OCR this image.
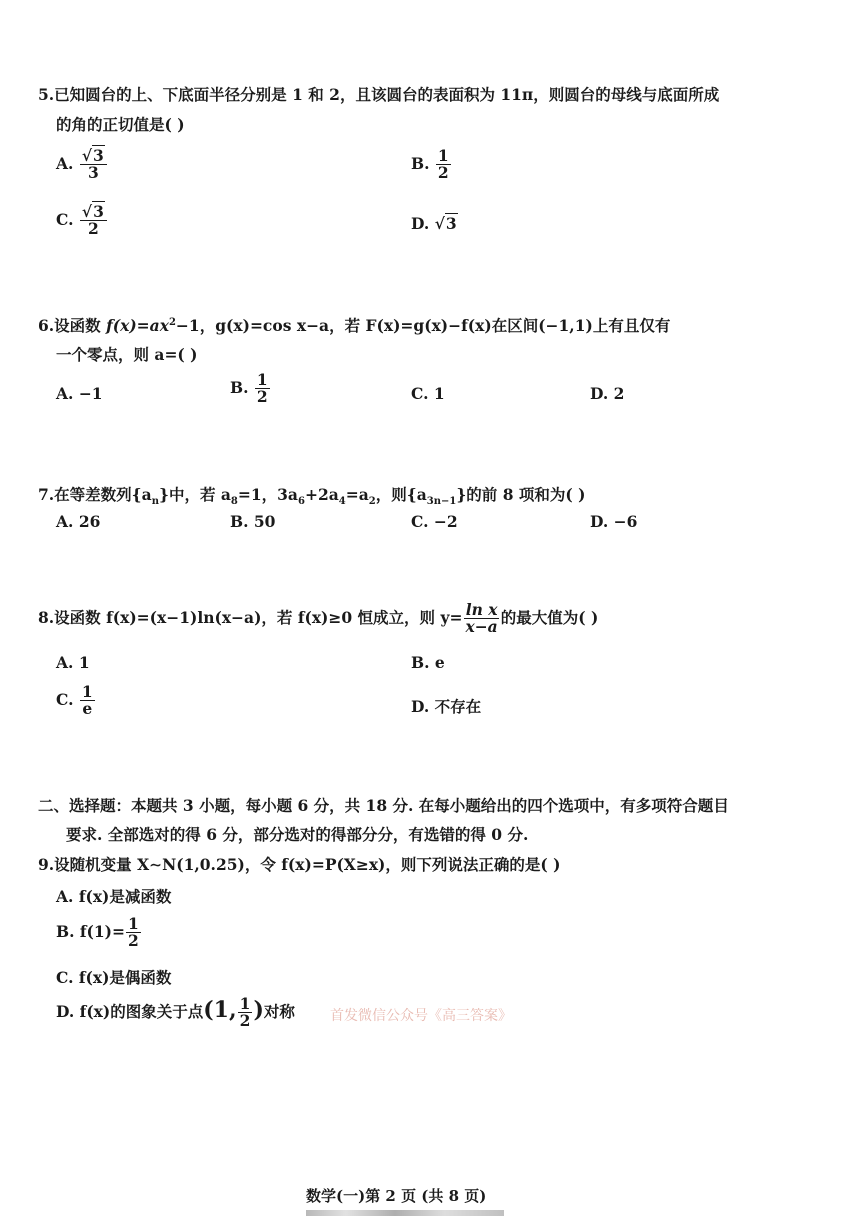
5.已知圆台的上、下底面半径分别是 1 和 2，且该圆台的表面积为 11π，则圆台的母线与底面所成
的角的正切值是( )
A. $\frac{√3}{3}$	B. $\frac{1}{2}$
C. $\frac{√3}{2}$	D. √3
6.设函数 $f(x)=ax^2-1$，g(x)=cos x−a，若 F(x)=g(x)−f(x)在区间(−1,1)上有且仅有
一个零点，则 a=( )
A. −1	B. $\frac{1}{2}$	C. 1	D. 2
7.在等差数列$\{a_n\}$中，若 $a_8=1$，$3a_6+2a_4=a_2$，则$\{a_{3n-1}\}$的前 8 项和为( )
A. 26	B. 50	C. −2	D. −6
8.设函数 f(x)=(x−1)ln(x−a)，若 f(x)≥0 恒成立，则 $y= \frac{\text{ln x}}{x-a}$ 的最大值为( )
A. 1	B. e
C. $\frac{1}{e}$	D. 不存在
二、选择题：本题共 3 小题，每小题 6 分，共 18 分. 在每小题给出的四个选项中，有多项符合题目
要求. 全部选对的得 6 分，部分选对的得部分分，有选错的得 0 分.
9.设随机变量 X∼N(1,0.25)，令 f(x)=P(X≥x)，则下列说法正确的是( )
A. f(x)是减函数
B. $f(1)= \frac{1}{2}$
C. f(x)是偶函数
D. f(x)的图象关于点(1, $\frac{1}{2}$ )对称	首发微信公众号《高三答案》
数学(一)第 2 页 (共 8 页)
